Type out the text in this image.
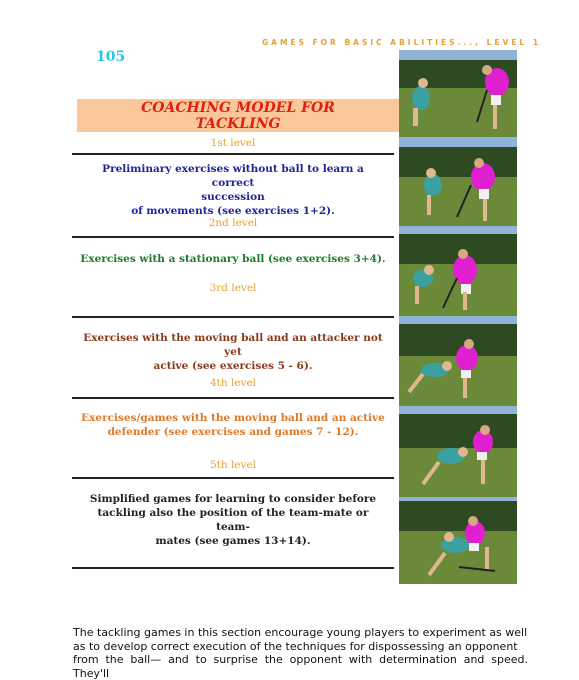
GAMES FOR BASIC ABILITIES..., LEVEL 1
105
COACHING MODEL FOR
TACKLING
1st level
Preliminary exercises without ball to learn a correct
succession
of movements (see exercises 1+2).
2nd level
Exercises with a stationary ball (see exercises 3+4).
3rd level
Exercises with the moving ball and an attacker not yet
active (see exercises 5 - 6).
4th level
Exercises/games with the moving ball and an active
defender (see exercises and games 7 - 12).
5th level
Simplified games for learning to consider before
tackling also the position of the team-mate or team-
mates (see games 13+14).
The tackling games in this section encourage young players to experiment as well
as to develop correct execution of the techniques for dispossessing an opponent
from the ball— and to surprise the opponent with determination and speed. They'll
